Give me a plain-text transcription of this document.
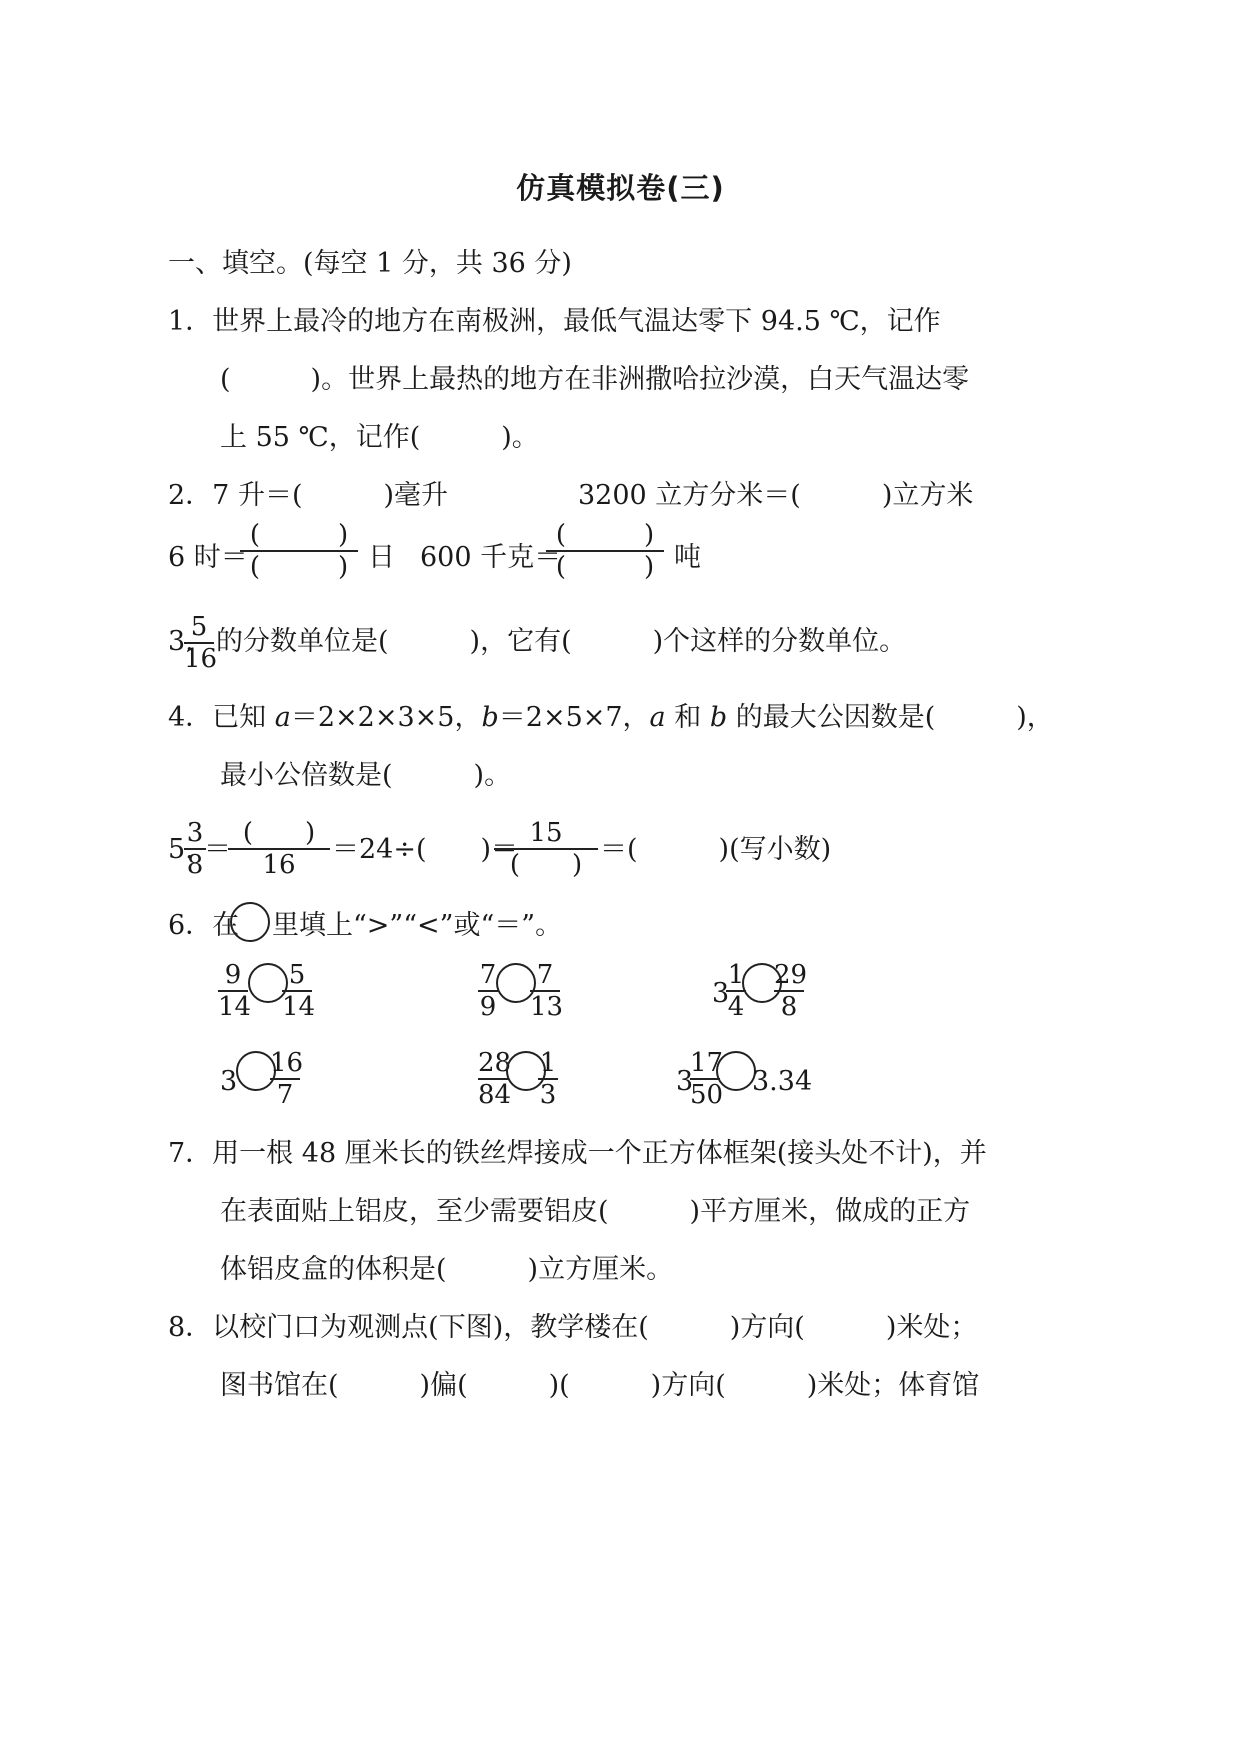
仿真模拟卷(三)
一、填空。(每空 1 分，共 36 分)
1．世界上最冷的地方在南极洲，最低气温达零下 94.5 ℃，记作
(	)。世界上最热的地方在非洲撒哈拉沙漠，白天气温达零
上 55 ℃，记作(　　　)。
2．7 升＝(　　　)毫升	3200 立方分米＝(　　　)立方米
6 时＝
(　　　)
(　　　) 日 600 千克＝
(　　　)
(　　　) 吨
3.
$\frac{5}{16}$ 的分数单位是(　　　)，它有(　　　)个这样的分数单位。
4．已知 a＝2×2×3×5，b＝2×5×7，a 和 b 的最大公因数是(　　　)，
最小公倍数是(　　　)。
5.
$\frac{3}{8}$
＝
(　　)
16	＝24÷(　　)＝
15
(　　) ＝(　　　)(写小数)
6．在 里填上“>”“<”或“＝”。
$\frac{9}{14} \frac{5}{14}$	$\frac{7}{9} \frac{7}{13}$	3
$\frac{1}{4} \frac{29}{8}$
$3 \frac{16}{7}$	$\frac{28}{84} \frac{1}{3}$	3
$\frac{17}{50} 3.34$
7．用一根 48 厘米长的铁丝焊接成一个正方体框架(接头处不计)，并
在表面贴上铝皮，至少需要铝皮(　　　)平方厘米，做成的正方
体铝皮盒的体积是(　　　)立方厘米。
8．以校门口为观测点(下图)，教学楼在(　　　)方向(　　　)米处；
图书馆在(　　　)偏(　　　)(　　　)方向(　　　)米处；体育馆
